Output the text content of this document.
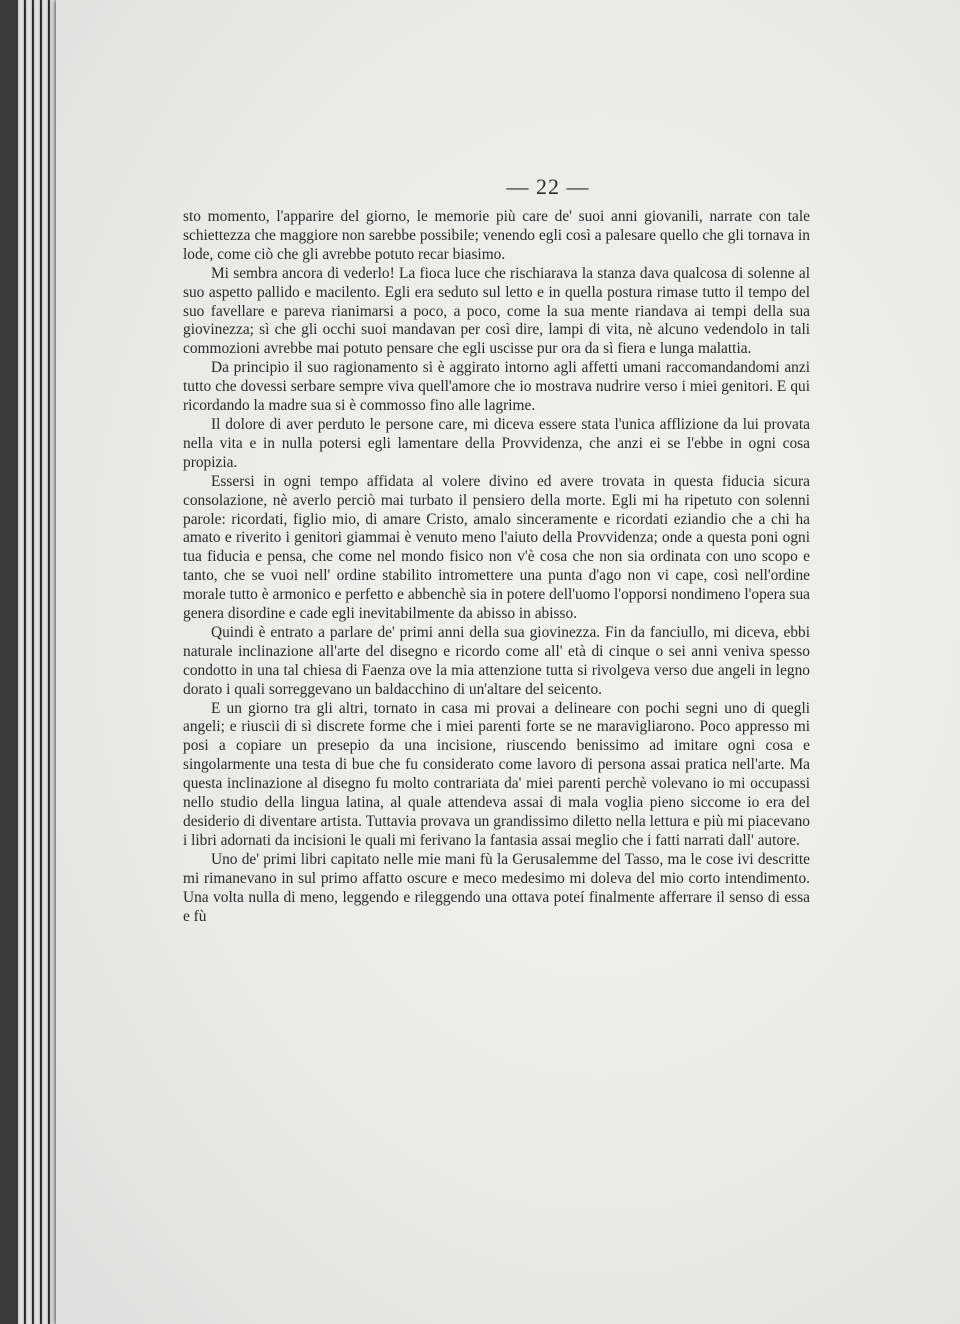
— 22 —

sto momento, l'apparire del giorno, le memorie più care de' suoi anni giovanili, narrate con tale schiettezza che maggiore non sarebbe possibile; venendo egli così a palesare quello che gli tornava in lode, come ciò che gli avrebbe potuto recar biasimo.

Mi sembra ancora di vederlo! La fioca luce che rischiarava la stanza dava qualcosa di solenne al suo aspetto pallido e macilento. Egli era seduto sul letto e in quella postura rimase tutto il tempo del suo favellare e pareva rianimarsi a poco, a poco, come la sua mente riandava ai tempi della sua giovinezza; sì che gli occhi suoi mandavan per così dire, lampi di vita, nè alcuno vedendolo in tali commozioni avrebbe mai potuto pensare che egli uscisse pur ora da sì fiera e lunga malattia.

Da principio il suo ragionamento si è aggirato intorno agli affetti umani raccomandandomi anzi tutto che dovessi serbare sempre viva quell'amore che io mostrava nudrire verso i miei genitori. E qui ricordando la madre sua si è commosso fino alle lagrime.

Il dolore di aver perduto le persone care, mi diceva essere stata l'unica afflizione da lui provata nella vita e in nulla potersi egli lamentare della Provvidenza, che anzi ei se l'ebbe in ogni cosa propizia.

Essersi in ogni tempo affidata al volere divino ed avere trovata in questa fiducia sicura consolazione, nè averlo perciò mai turbato il pensiero della morte. Egli mi ha ripetuto con solenni parole: ricordati, figlio mio, di amare Cristo, amalo sinceramente e ricordati eziandio che a chi ha amato e riverito i genitori giammai è venuto meno l'aiuto della Provvidenza; onde a questa poni ogni tua fiducia e pensa, che come nel mondo fisico non v'è cosa che non sia ordinata con uno scopo e tanto, che se vuoi nell' ordine stabilito intromettere una punta d'ago non vi cape, così nell'ordine morale tutto è armonico e perfetto e abbenchè sia in potere dell'uomo l'opporsi nondimeno l'opera sua genera disordine e cade egli inevitabilmente da abisso in abisso.

Quindi è entrato a parlare de' primi anni della sua giovinezza. Fin da fanciullo, mi diceva, ebbi naturale inclinazione all'arte del disegno e ricordo come all' età di cinque o sei anni veniva spesso condotto in una tal chiesa di Faenza ove la mia attenzione tutta si rivolgeva verso due angeli in legno dorato i quali sorreggevano un baldacchino di un'altare del seicento.

E un giorno tra gli altri, tornato in casa mi provai a delineare con pochi segni uno di quegli angeli; e riuscii di sì discrete forme che i miei parenti forte se ne maravigliarono. Poco appresso mi posi a copiare un presepio da una incisione, riuscendo benissimo ad imitare ogni cosa e singolarmente una testa di bue che fu considerato come lavoro di persona assai pratica nell'arte. Ma questa inclinazione al disegno fu molto contrariata da' miei parenti perchè volevano io mi occupassi nello studio della lingua latina, al quale attendeva assai di mala voglia pieno siccome io era del desiderio di diventare artista. Tuttavia provava un grandissimo diletto nella lettura e più mi piacevano i libri adornati da incisioni le quali mi ferivano la fantasia assai meglio che i fatti narrati dall' autore.

Uno de' primi libri capitato nelle mie mani fù la Gerusalemme del Tasso, ma le cose ivi descritte mi rimanevano in sul primo affatto oscure e meco medesimo mi doleva del mio corto intendimento. Una volta nulla di meno, leggendo e rileggendo una ottava poteí finalmente afferrare il senso di essa e fù
